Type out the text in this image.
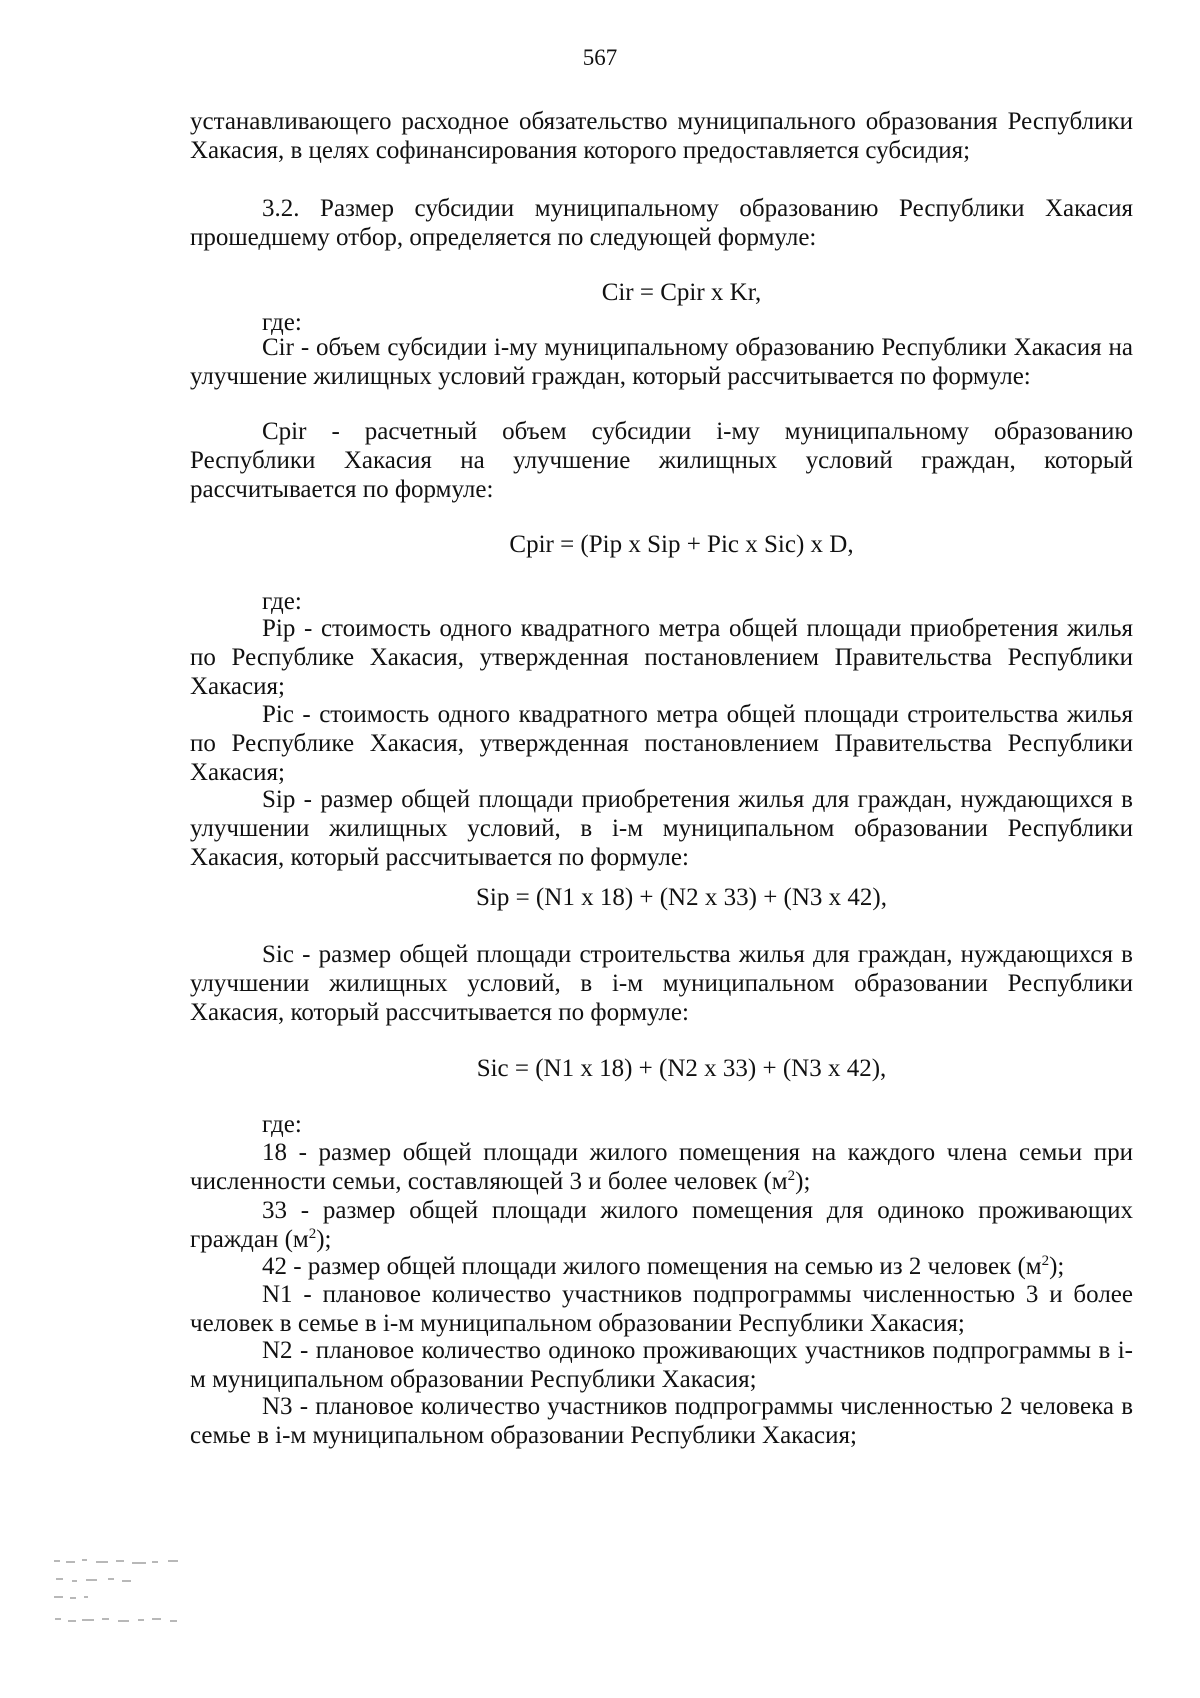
567

устанавливающего расходное обязательство муниципального образования Республики Хакасия, в целях софинансирования которого предоставляется субсидия;

3.2. Размер субсидии муниципальному образованию Республики Хакасия прошедшему отбор, определяется по следующей формуле:

Cir = Cpir x Kr,

где:

Cir - объем субсидии i-му муниципальному образованию Республики Хакасия на улучшение жилищных условий граждан, который рассчитывается по формуле:

Cpir - расчетный объем субсидии i-му муниципальному образованию Республики Хакасия на улучшение жилищных условий граждан, который рассчитывается по формуле:

Cpir = (Pip x Sip + Pic x Sic) x D,

где:

Pip - стоимость одного квадратного метра общей площади приобретения жилья по Республике Хакасия, утвержденная постановлением Правительства Республики Хакасия;

Pic - стоимость одного квадратного метра общей площади строительства жилья по Республике Хакасия, утвержденная постановлением Правительства Республики Хакасия;

Sip - размер общей площади приобретения жилья для граждан, нуждающихся в улучшении жилищных условий, в i-м муниципальном образовании Республики Хакасия, который рассчитывается по формуле:

Sip = (N1 x 18) + (N2 x 33) + (N3 x 42),

Sic - размер общей площади строительства жилья для граждан, нуждающихся в улучшении жилищных условий, в i-м муниципальном образовании Республики Хакасия, который рассчитывается по формуле:

Sic = (N1 x 18) + (N2 x 33) + (N3 x 42),

где:

18 - размер общей площади жилого помещения на каждого члена семьи при численности семьи, составляющей 3 и более человек $(м^2)$;

33 - размер общей площади жилого помещения для одиноко проживающих граждан $(м^2)$;

42 - размер общей площади жилого помещения на семью из 2 человек $(м^2)$;

N1 - плановое количество участников подпрограммы численностью 3 и более человек в семье в i-м муниципальном образовании Республики Хакасия;

N2 - плановое количество одиноко проживающих участников подпрограммы в i-м муниципальном образовании Республики Хакасия;

N3 - плановое количество участников подпрограммы численностью 2 человека в семье в i-м муниципальном образовании Республики Хакасия;
